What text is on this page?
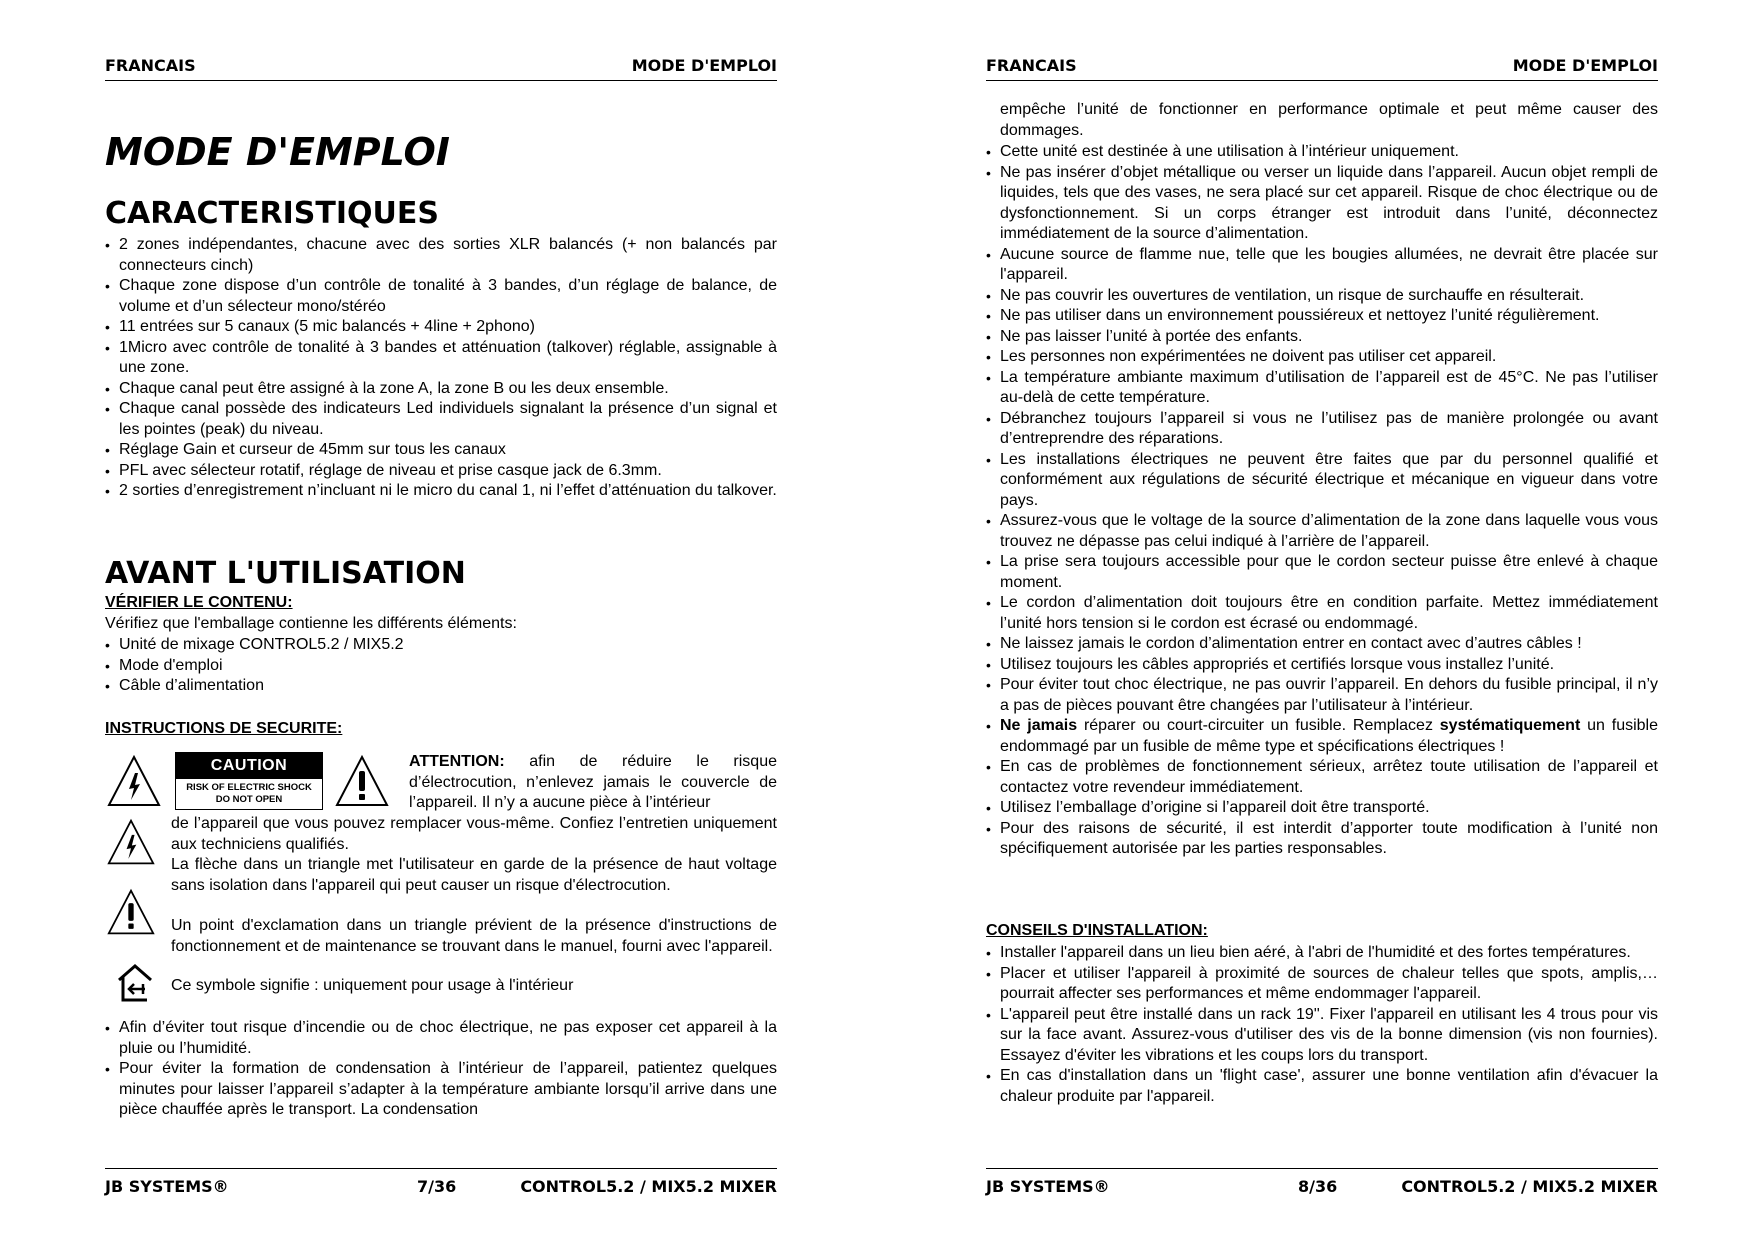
FRANCAIS	MODE D'EMPLOI
MODE D'EMPLOI
CARACTERISTIQUES
• 2 zones indépendantes, chacune avec des sorties XLR balancés (+ non balancés par connecteurs cinch)
• Chaque zone dispose d’un contrôle de tonalité à 3 bandes, d’un réglage de balance, de volume et d’un sélecteur mono/stéréo
• 11 entrées sur 5 canaux (5 mic balancés + 4line + 2phono)
• 1Micro avec contrôle de tonalité à 3 bandes et atténuation (talkover) réglable, assignable à une zone.
• Chaque canal peut être assigné à la zone A, la zone B ou les deux ensemble.
• Chaque canal possède des indicateurs Led individuels signalant la présence d’un signal et les pointes (peak) du niveau.
• Réglage Gain et curseur de 45mm sur tous les canaux
• PFL avec sélecteur rotatif, réglage de niveau et prise casque jack de 6.3mm.
• 2 sorties d’enregistrement n’incluant ni le micro du canal 1, ni l’effet d’atténuation du talkover.
AVANT L'UTILISATION
VÉRIFIER LE CONTENU:

Vérifiez que l'emballage contienne les différents éléments:

• Unité de mixage CONTROL5.2 / MIX5.2
• Mode d'emploi
• Câble d’alimentation
INSTRUCTIONS DE SECURITE:
CAUTION
RISK OF ELECTRIC SHOCK
DO NOT OPEN

ATTENTION: afin de réduire le risque d’électrocution, n’enlevez jamais le couvercle de l’appareil. Il n’y a aucune pièce à l’intérieur

de l’appareil que vous pouvez remplacer vous-même. Confiez l’entretien uniquement aux techniciens qualifiés.

La flèche dans un triangle met l'utilisateur en garde de la présence de haut voltage sans isolation dans l'appareil qui peut causer un risque d'électrocution.

Un point d'exclamation dans un triangle prévient de la présence d'instructions de fonctionnement et de maintenance se trouvant dans le manuel, fourni avec l'appareil.

Ce symbole signifie : uniquement pour usage à l'intérieur

• Afin d’éviter tout risque d’incendie ou de choc électrique, ne pas exposer cet appareil à la pluie ou l’humidité.
• Pour éviter la formation de condensation à l’intérieur de l’appareil, patientez quelques minutes pour laisser l’appareil s’adapter à la température ambiante lorsqu’il arrive dans une pièce chauffée après le transport. La condensation
JB SYSTEMS®	7/36	CONTROL5.2 / MIX5.2 MIXER
FRANCAIS	MODE D'EMPLOI

empêche l’unité de fonctionner en performance optimale et peut même causer des dommages.

• Cette unité est destinée à une utilisation à l’intérieur uniquement.
• Ne pas insérer d’objet métallique ou verser un liquide dans l’appareil. Aucun objet rempli de liquides, tels que des vases, ne sera placé sur cet appareil. Risque de choc électrique ou de dysfonctionnement. Si un corps étranger est introduit dans l’unité, déconnectez immédiatement de la source d’alimentation.
• Aucune source de flamme nue, telle que les bougies allumées, ne devrait être placée sur l'appareil.
• Ne pas couvrir les ouvertures de ventilation, un risque de surchauffe en résulterait.
• Ne pas utiliser dans un environnement poussiéreux et nettoyez l’unité régulièrement.
• Ne pas laisser l’unité à portée des enfants.
• Les personnes non expérimentées ne doivent pas utiliser cet appareil.
• La température ambiante maximum d’utilisation de l’appareil est de 45°C. Ne pas l’utiliser au-delà de cette température.
• Débranchez toujours l’appareil si vous ne l’utilisez pas de manière prolongée ou avant d’entreprendre des réparations.
• Les installations électriques ne peuvent être faites que par du personnel qualifié et conformément aux régulations de sécurité électrique et mécanique en vigueur dans votre pays.
• Assurez-vous que le voltage de la source d’alimentation de la zone dans laquelle vous vous trouvez ne dépasse pas celui indiqué à l’arrière de l’appareil.
• La prise sera toujours accessible pour que le cordon secteur puisse être enlevé à chaque moment.
• Le cordon d’alimentation doit toujours être en condition parfaite. Mettez immédiatement l’unité hors tension si le cordon est écrasé ou endommagé.
• Ne laissez jamais le cordon d’alimentation entrer en contact avec d’autres câbles !
• Utilisez toujours les câbles appropriés et certifiés lorsque vous installez l’unité.
• Pour éviter tout choc électrique, ne pas ouvrir l’appareil. En dehors du fusible principal, il n’y a pas de pièces pouvant être changées par l’utilisateur à l’intérieur.
• Ne jamais réparer ou court-circuiter un fusible. Remplacez systématiquement un fusible endommagé par un fusible de même type et spécifications électriques !
• En cas de problèmes de fonctionnement sérieux, arrêtez toute utilisation de l’appareil et contactez votre revendeur immédiatement.
• Utilisez l’emballage d’origine si l’appareil doit être transporté.
• Pour des raisons de sécurité, il est interdit d’apporter toute modification à l’unité non spécifiquement autorisée par les parties responsables.
CONSEILS D'INSTALLATION:
• Installer l'appareil dans un lieu bien aéré, à l'abri de l'humidité et des fortes températures.
• Placer et utiliser l'appareil à proximité de sources de chaleur telles que spots, amplis,… pourrait affecter ses performances et même endommager l'appareil.
• L'appareil peut être installé dans un rack 19''. Fixer l'appareil en utilisant les 4 trous pour vis sur la face avant. Assurez-vous d'utiliser des vis de la bonne dimension (vis non fournies). Essayez d'éviter les vibrations et les coups lors du transport.
• En cas d'installation dans un 'flight case', assurer une bonne ventilation afin d'évacuer la chaleur produite par l'appareil.
JB SYSTEMS®	8/36	CONTROL5.2 / MIX5.2 MIXER
